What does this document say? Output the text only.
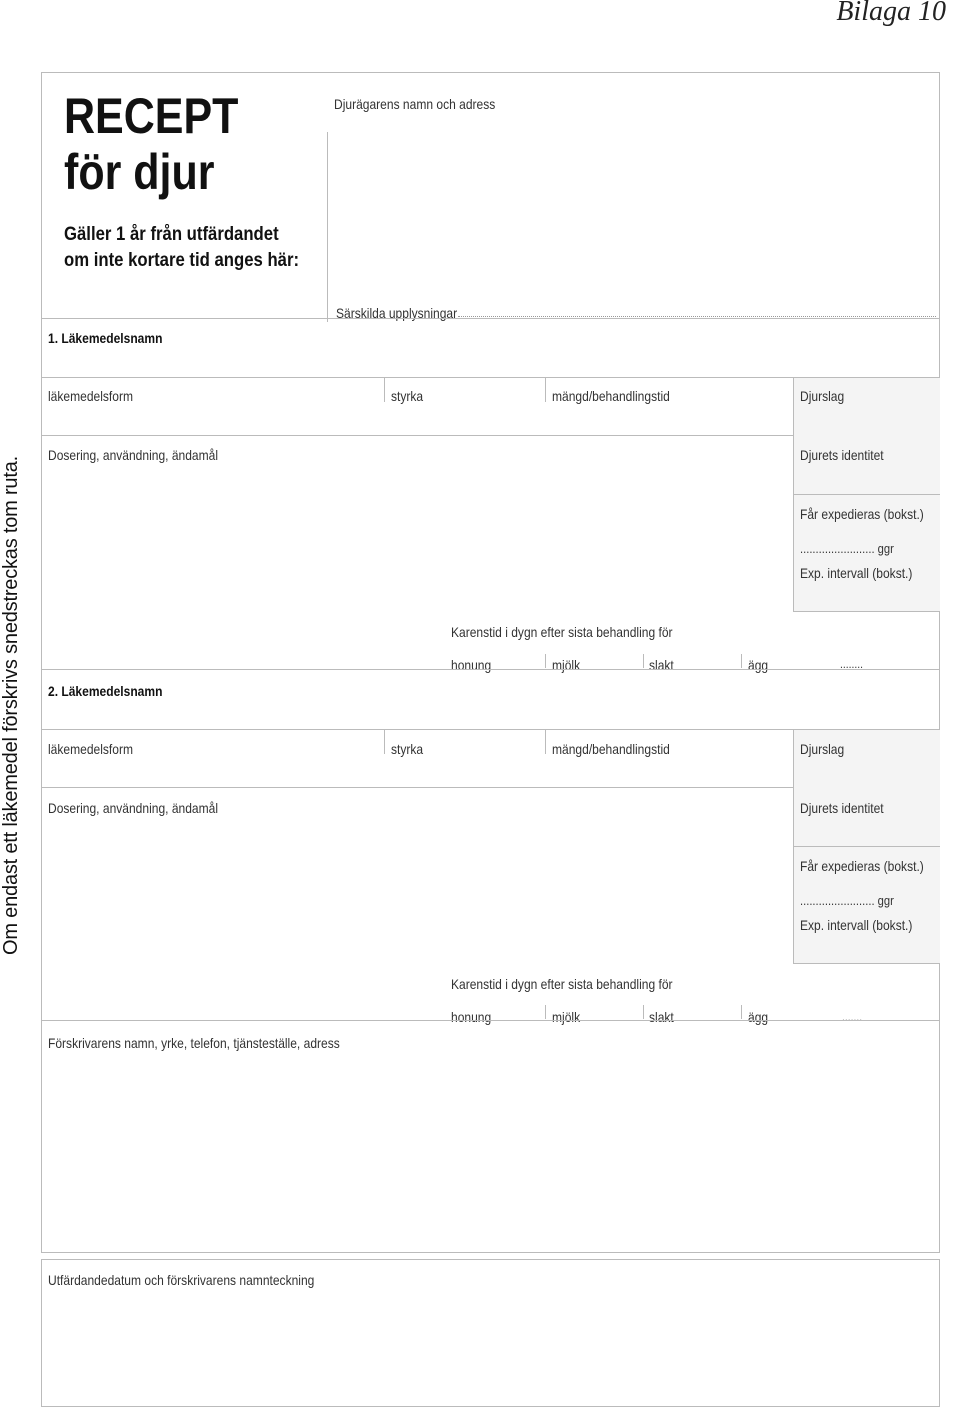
Bilaga 10
Om endast ett läkemedel förskrivs snedstreckas tom ruta.
RECEPT
för djur
Gäller 1 år från utfärdandet
om inte kortare tid anges här:
Djurägarens namn och adress
Särskilda upplysningar
1. Läkemedelsnamn
läkemedelsform	styrka	mängd/behandlingstid
Dosering, användning, ändamål
Djurslag
Djurets identitet
Får expedieras (bokst.)
........................ ggr
Exp. intervall (bokst.)
Karenstid i dygn efter sista behandling för
honung	mjölk	slakt	ägg	........
2. Läkemedelsnamn
läkemedelsform	styrka	mängd/behandlingstid
Dosering, användning, ändamål
Djurslag
Djurets identitet
Får expedieras (bokst.)
........................ ggr
Exp. intervall (bokst.)
Karenstid i dygn efter sista behandling för
honung	mjölk	slakt	ägg	.......
Förskrivarens namn, yrke, telefon, tjänsteställe, adress
Utfärdandedatum och förskrivarens namnteckning
